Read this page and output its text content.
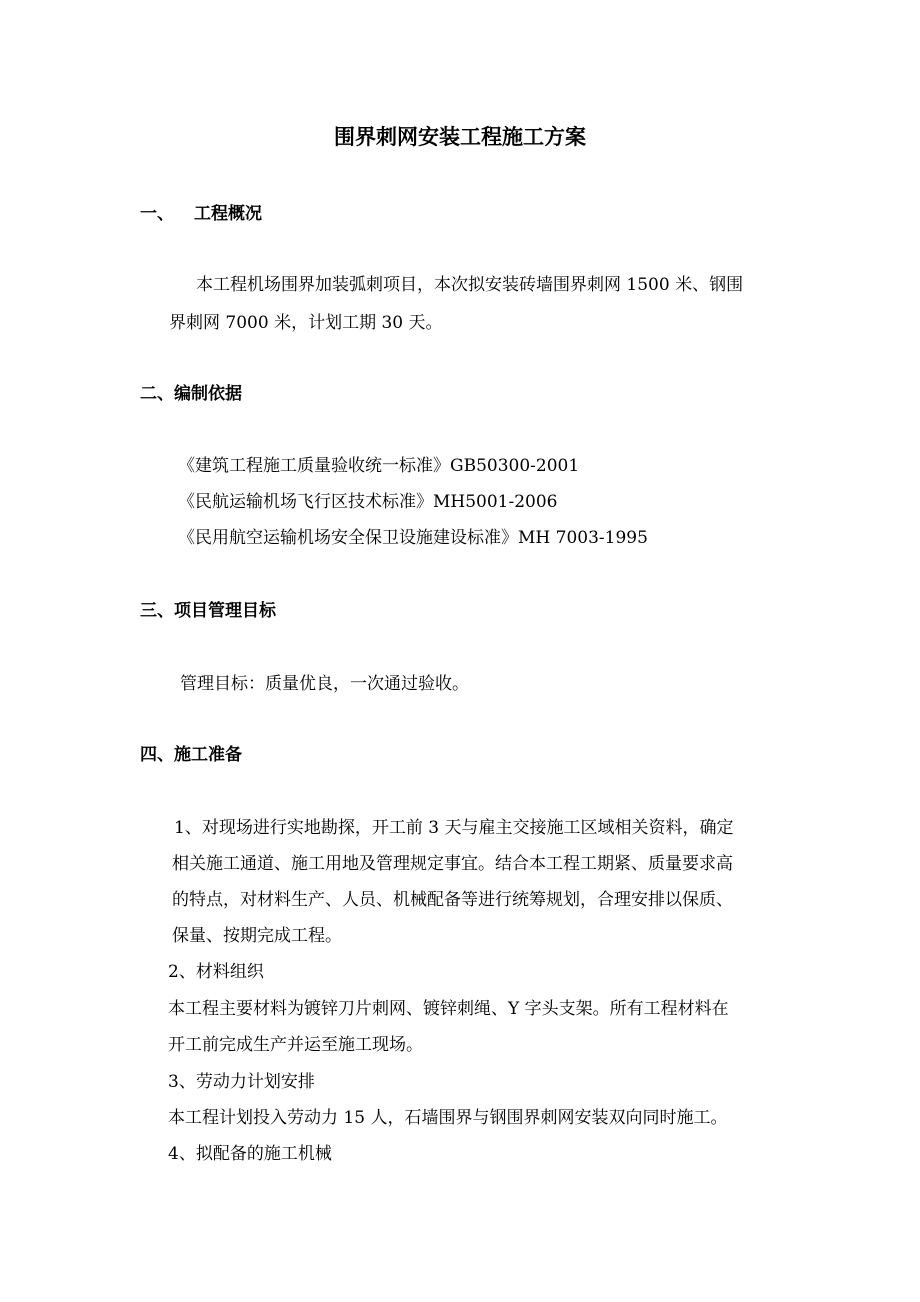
围界刺网安装工程施工方案
一、 工程概况

本工程机场围界加装弧刺项目，本次拟安装砖墙围界刺网 1500 米、钢围

界刺网 7000 米，计划工期 30 天。

二、编制依据

《建筑工程施工质量验收统一标准》GB50300-2001

《民航运输机场飞行区技术标准》MH5001-2006

《民用航空运输机场安全保卫设施建设标准》MH 7003-1995

三、项目管理目标

管理目标：质量优良，一次通过验收。

四、施工准备

1、对现场进行实地勘探，开工前 3 天与雇主交接施工区域相关资料，确定

相关施工通道、施工用地及管理规定事宜。结合本工程工期紧、质量要求高

的特点，对材料生产、人员、机械配备等进行统筹规划，合理安排以保质、

保量、按期完成工程。

2、材料组织

本工程主要材料为镀锌刀片刺网、镀锌刺绳、Y 字头支架。所有工程材料在

开工前完成生产并运至施工现场。

3、劳动力计划安排

本工程计划投入劳动力 15 人，石墙围界与钢围界刺网安装双向同时施工。

4、拟配备的施工机械
